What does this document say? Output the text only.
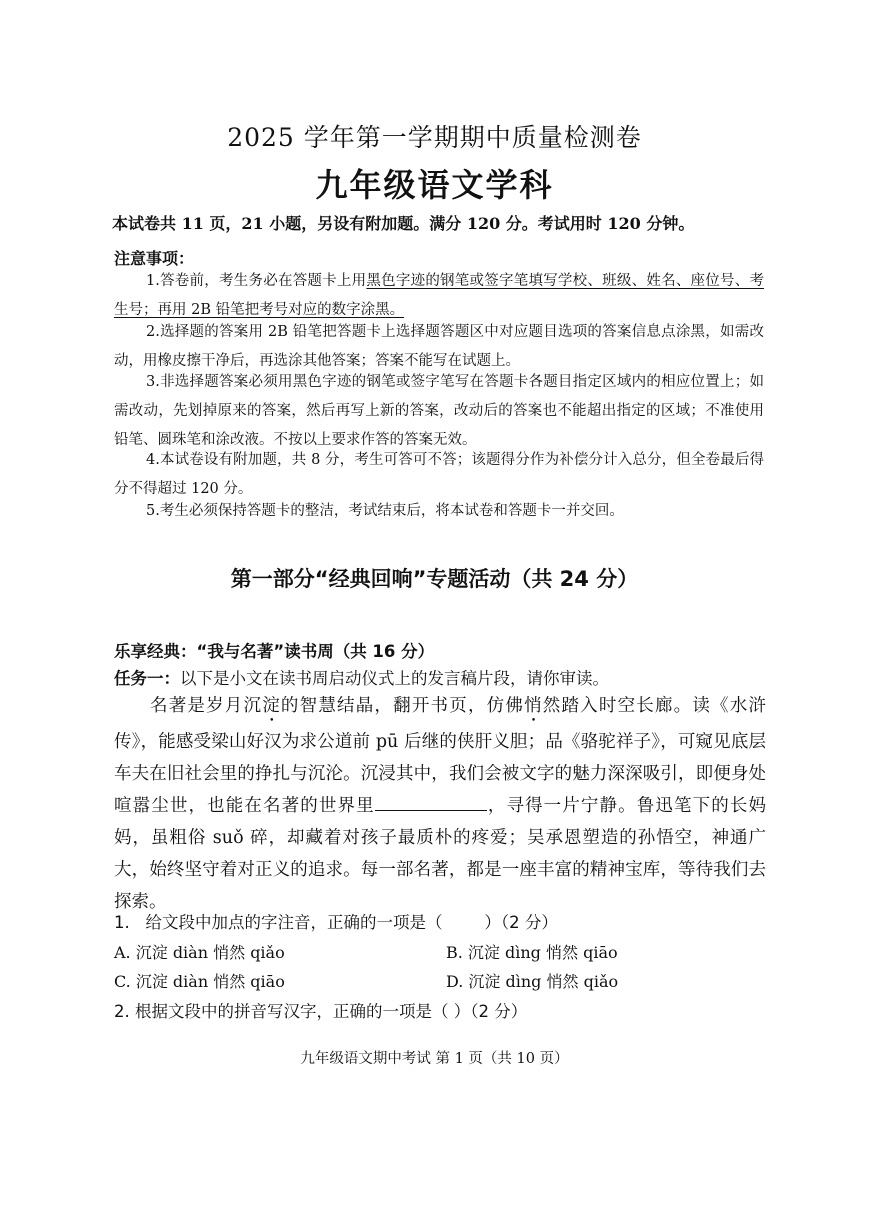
2025 学年第一学期期中质量检测卷
九年级语文学科
本试卷共 11 页，21 小题，另设有附加题。满分 120 分。考试用时 120 分钟。
注意事项：
1.答卷前，考生务必在答题卡上用黑色字迹的钢笔或签字笔填写学校、班级、姓名、座位号、考生号；再用 2B 铅笔把考号对应的数字涂黑。
2.选择题的答案用 2B 铅笔把答题卡上选择题答题区中对应题目选项的答案信息点涂黑，如需改动，用橡皮擦干净后，再选涂其他答案；答案不能写在试题上。
3.非选择题答案必须用黑色字迹的钢笔或签字笔写在答题卡各题目指定区域内的相应位置上；如需改动，先划掉原来的答案，然后再写上新的答案，改动后的答案也不能超出指定的区域；不准使用铅笔、圆珠笔和涂改液。不按以上要求作答的答案无效。
4.本试卷设有附加题，共 8 分，考生可答可不答；该题得分作为补偿分计入总分，但全卷最后得分不得超过 120 分。
5.考生必须保持答题卡的整洁，考试结束后，将本试卷和答题卡一并交回。
第一部分“经典回响”专题活动（共 24 分）
乐享经典：“我与名著”读书周（共 16 分）
任务一：以下是小文在读书周启动仪式上的发言稿片段，请你审读。
名著是岁月沉淀的智慧结晶，翻开书页，仿佛悄然踏入时空长廊。读《水浒传》，能感受梁山好汉为求公道前 pū 后继的侠肝义胆；品《骆驼祥子》，可窥见底层车夫在旧社会里的挣扎与沉沦。沉浸其中，我们会被文字的魅力深深吸引，即便身处喧嚣尘世，也能在名著的世界里	，寻得一片宁静。鲁迅笔下的长妈妈，虽粗俗 suǒ 碎，却藏着对孩子最质朴的疼爱；吴承恩塑造的孙悟空，神通广大，始终坚守着对正义的追求。每一部名著，都是一座丰富的精神宝库，等待我们去探索。
1.   给文段中加点的字注音，正确的一项是（        ）（2 分）
A. 沉淀 diàn 悄然 qiǎo	B. 沉淀 dìng 悄然 qiāo
C. 沉淀 diàn 悄然 qiāo	D. 沉淀 dìng 悄然 qiǎo
2. 根据文段中的拼音写汉字，正确的一项是（ ）（2 分）
九年级语文期中考试 第 1 页（共 10 页）
